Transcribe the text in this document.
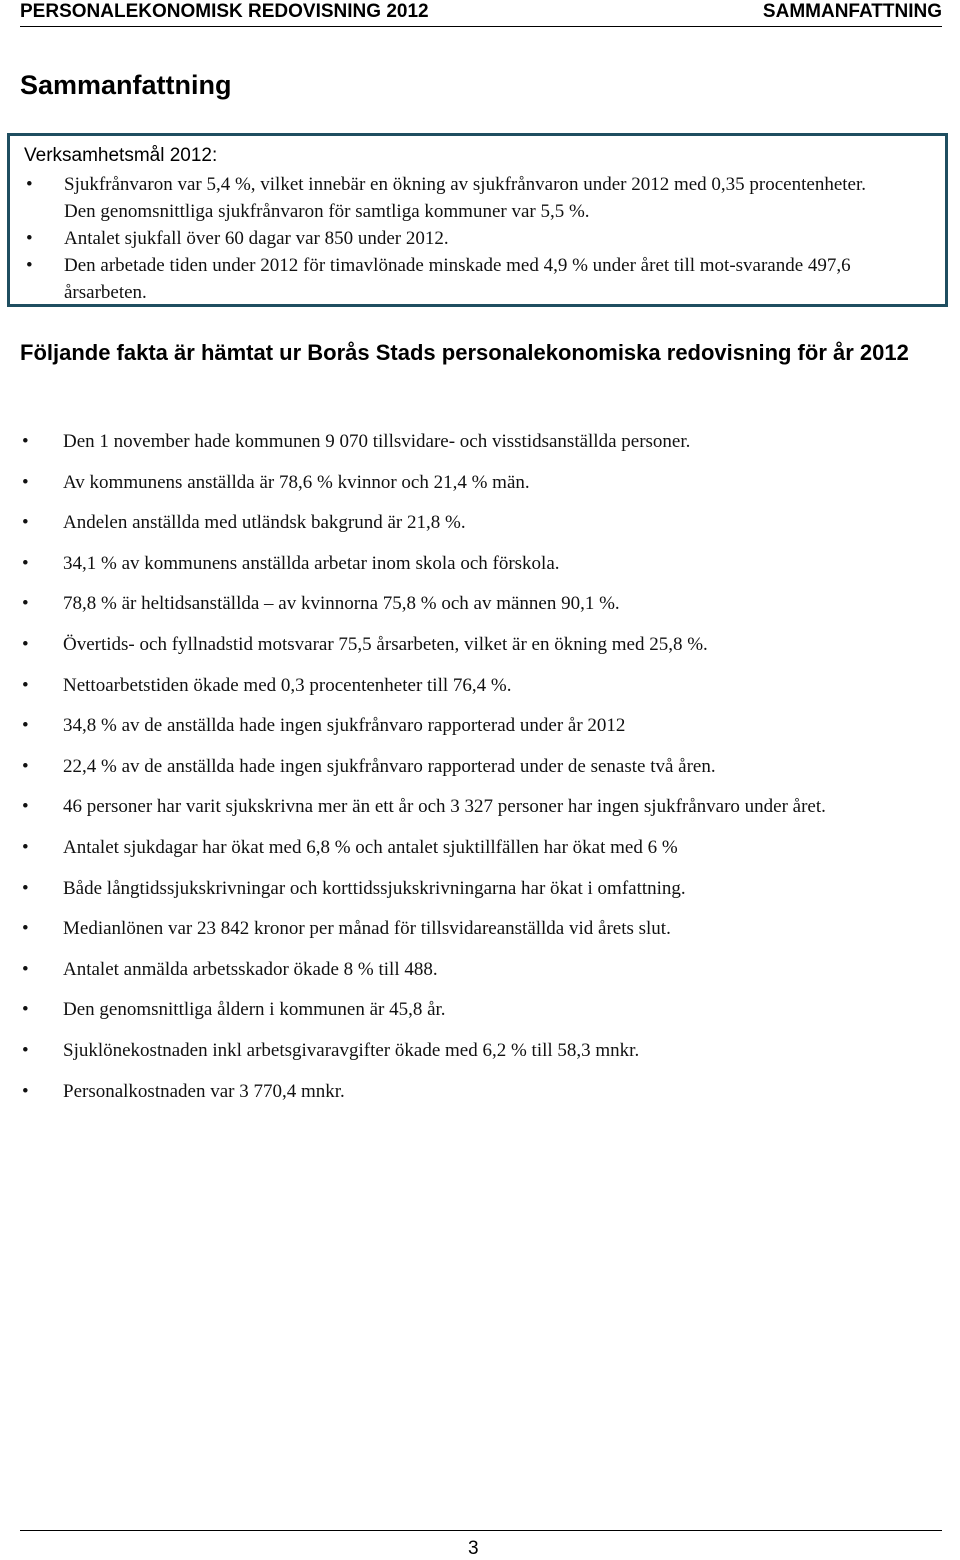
PERSONALEKONOMISK REDOVISNING 2012	SAMMANFATTNING
Sammanfattning
Verksamhetsmål 2012:
• Sjukfrånvaron var 5,4 %, vilket innebär en ökning av sjukfrånvaron under 2012 med 0,35 procentenheter. Den genomsnittliga sjukfrånvaron för samtliga kommuner var 5,5 %.
• Antalet sjukfall över 60 dagar var 850 under 2012.
• Den arbetade tiden under 2012 för timavlönade minskade med 4,9 % under året till mot-svarande 497,6 årsarbeten.
Följande fakta är hämtat ur Borås Stads personalekonomiska redovisning för år 2012
• Den 1 november hade kommunen 9 070 tillsvidare- och visstidsanställda personer.
• Av kommunens anställda är 78,6 % kvinnor och 21,4 % män.
• Andelen anställda med utländsk bakgrund är 21,8 %.
• 34,1 % av kommunens anställda arbetar inom skola och förskola.
• 78,8 % är heltidsanställda – av kvinnorna 75,8 % och av männen 90,1 %.
• Övertids- och fyllnadstid motsvarar 75,5 årsarbeten, vilket är en ökning med 25,8 %.
• Nettoarbetstiden ökade med 0,3 procentenheter till 76,4 %.
• 34,8 % av de anställda hade ingen sjukfrånvaro rapporterad under år 2012
• 22,4 % av de anställda hade ingen sjukfrånvaro rapporterad under de senaste två åren.
• 46 personer har varit sjukskrivna mer än ett år och 3 327 personer har ingen sjukfrånvaro under året.
• Antalet sjukdagar har ökat med 6,8 % och antalet sjuktillfällen har ökat med 6 %
• Både långtidssjukskrivningar och korttidssjukskrivningarna har ökat i omfattning.
• Medianlönen var 23 842 kronor per månad för tillsvidareanställda vid årets slut.
• Antalet anmälda arbetsskador ökade 8 % till 488.
• Den genomsnittliga åldern i kommunen är 45,8 år.
• Sjuklönekostnaden inkl arbetsgivaravgifter ökade med 6,2 % till 58,3 mnkr.
• Personalkostnaden var 3 770,4 mnkr.
3
